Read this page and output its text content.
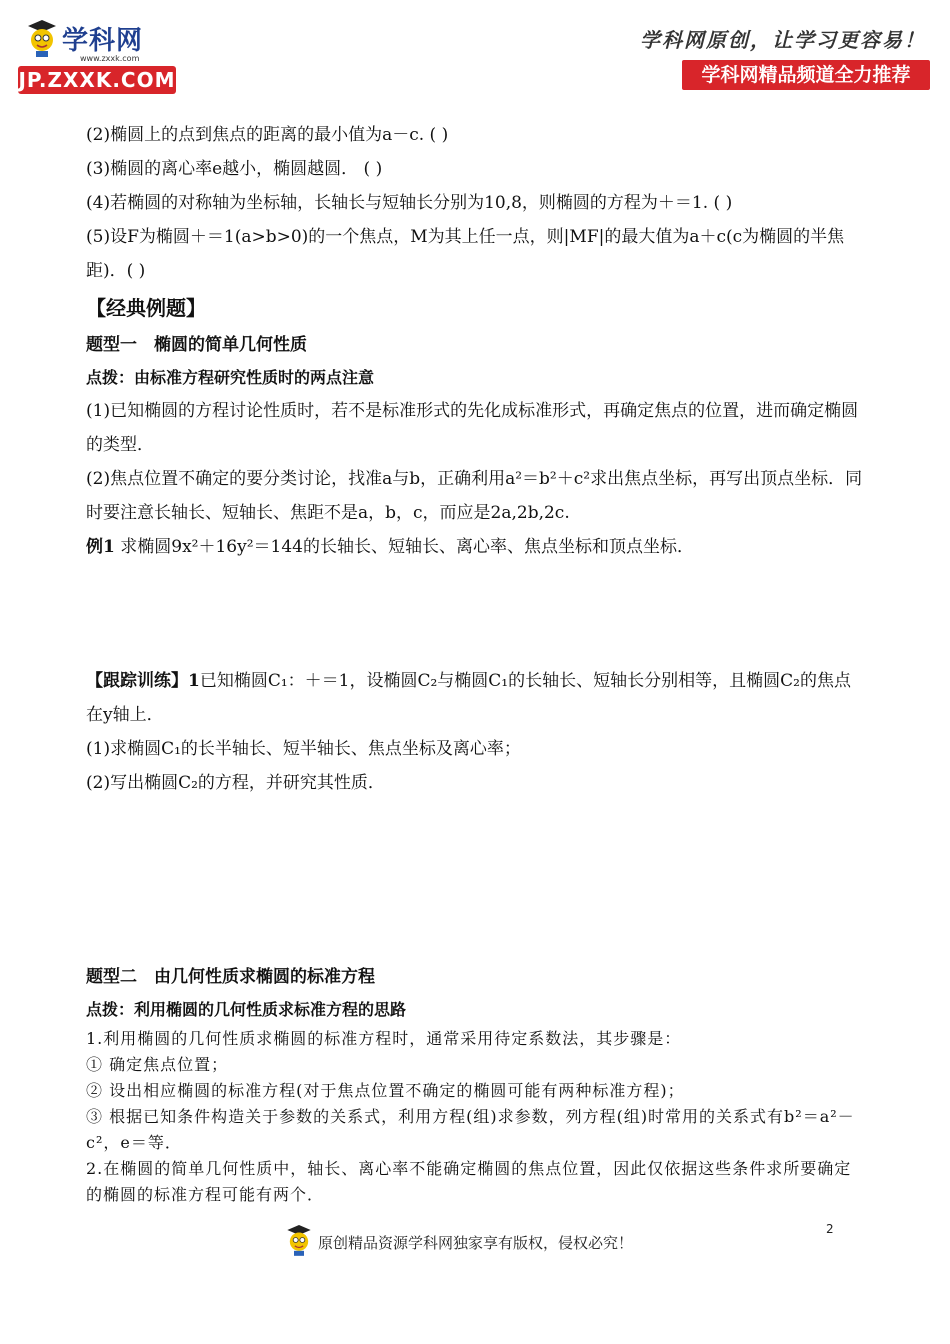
学科网
www.zxxk.com
JP.ZXXK.COM
学科网原创，让学习更容易！
学科网精品频道全力推荐

(2)椭圆上的点到焦点的距离的最小值为a－c. ( )

(3)椭圆的离心率e越小，椭圆越圆． ( )

(4)若椭圆的对称轴为坐标轴，长轴长与短轴长分别为10,8，则椭圆的方程为＋＝1. ( )

(5)设F为椭圆＋＝1(a>b>0)的一个焦点，M为其上任一点，则|MF|的最大值为a＋c(c为椭圆的半焦距)．( )

【经典例题】

题型一　椭圆的简单几何性质

点拨：由标准方程研究性质时的两点注意

(1)已知椭圆的方程讨论性质时，若不是标准形式的先化成标准形式，再确定焦点的位置，进而确定椭圆的类型．

(2)焦点位置不确定的要分类讨论，找准a与b，正确利用a²＝b²＋c²求出焦点坐标，再写出顶点坐标．同时要注意长轴长、短轴长、焦距不是a，b，c，而应是2a,2b,2c.

例1 求椭圆9x²＋16y²＝144的长轴长、短轴长、离心率、焦点坐标和顶点坐标．

【跟踪训练】1已知椭圆C₁：＋＝1，设椭圆C₂与椭圆C₁的长轴长、短轴长分别相等，且椭圆C₂的焦点在y轴上．

(1)求椭圆C₁的长半轴长、短半轴长、焦点坐标及离心率；

(2)写出椭圆C₂的方程，并研究其性质．

题型二　由几何性质求椭圆的标准方程

点拨：利用椭圆的几何性质求标准方程的思路

1.利用椭圆的几何性质求椭圆的标准方程时，通常采用待定系数法，其步骤是：

① 确定焦点位置；

② 设出相应椭圆的标准方程(对于焦点位置不确定的椭圆可能有两种标准方程)；

③ 根据已知条件构造关于参数的关系式，利用方程(组)求参数，列方程(组)时常用的关系式有b²＝a²－c²，e＝等．

2.在椭圆的简单几何性质中，轴长、离心率不能确定椭圆的焦点位置，因此仅依据这些条件求所要确定的椭圆的标准方程可能有两个．

原创精品资源学科网独家享有版权，侵权必究！
2
